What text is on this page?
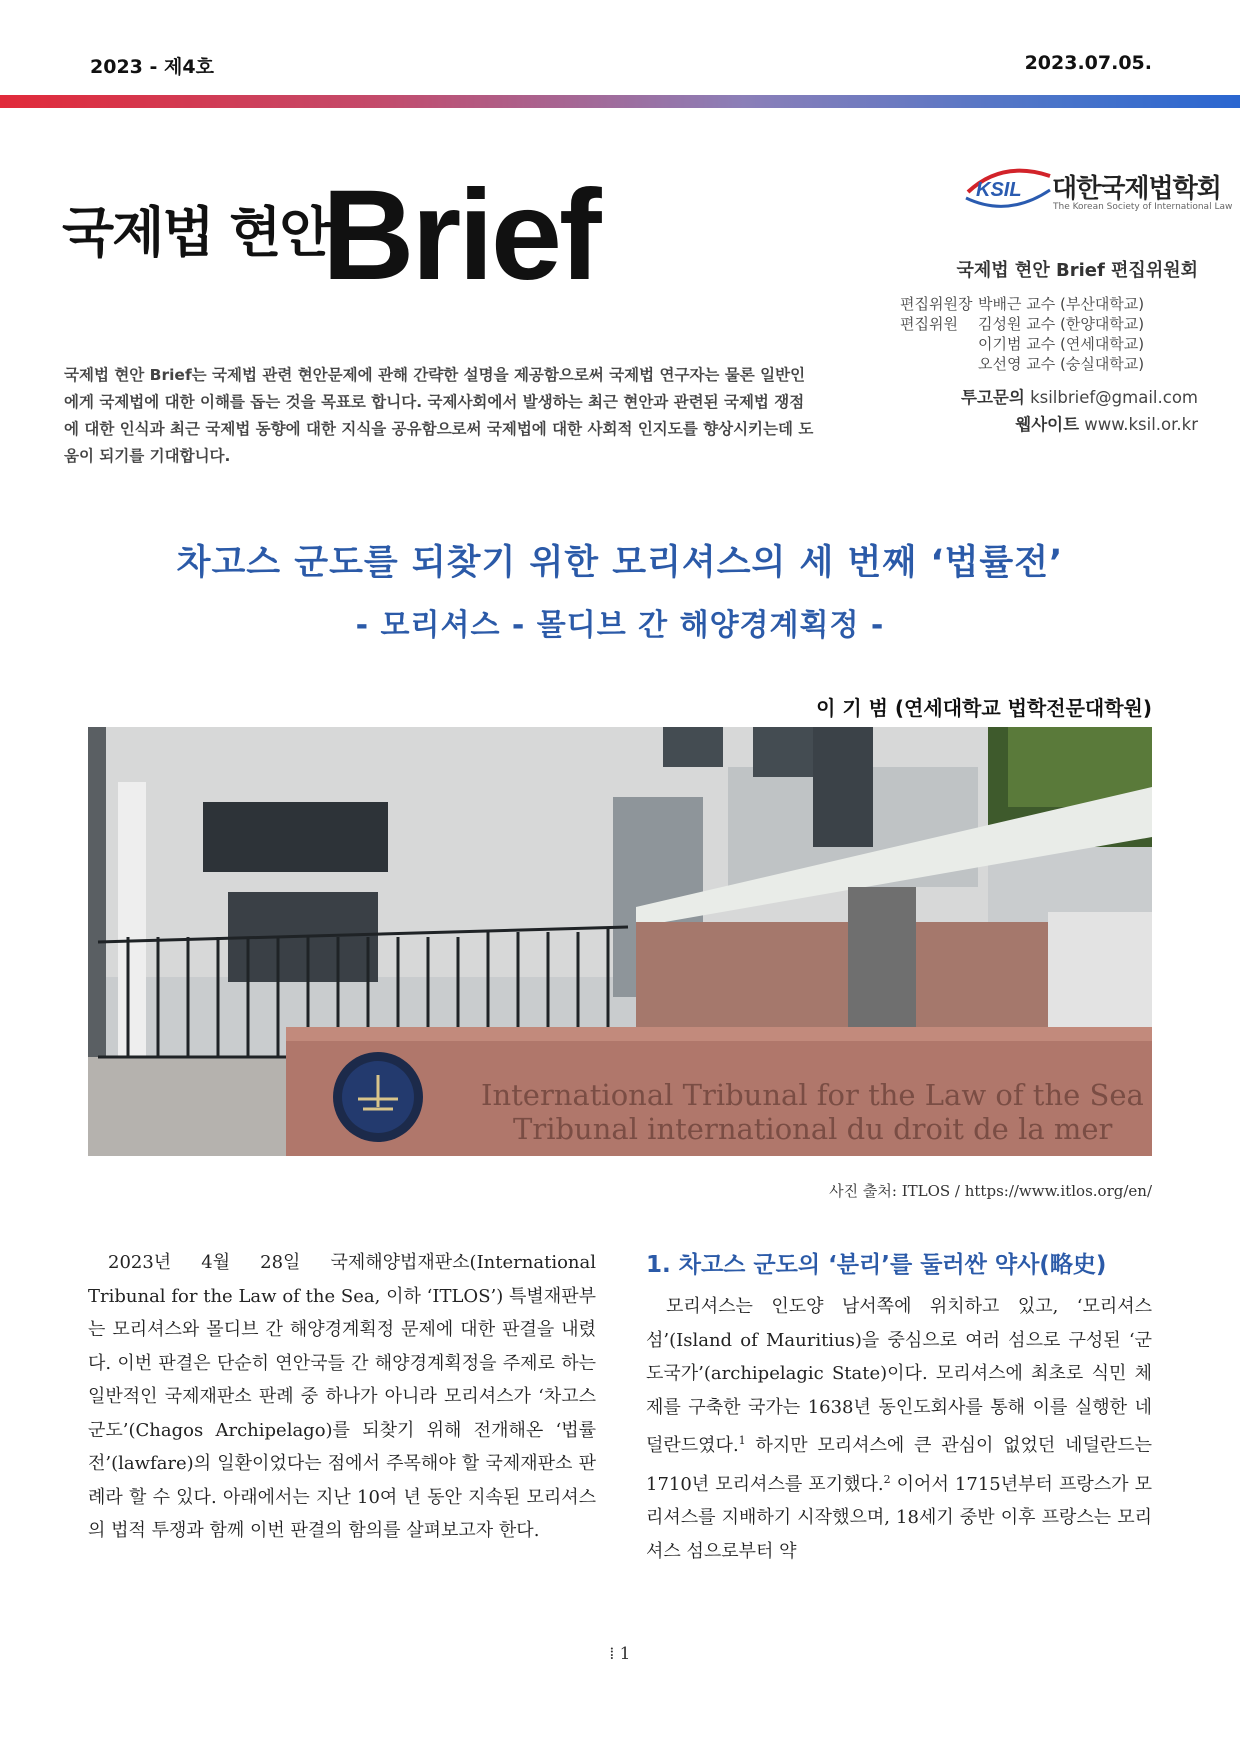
2023 - 제4호	2023.07.05.
국제법 현안
Brief
국제법 현안 Brief는 국제법 관련 현안문제에 관해 간략한 설명을 제공함으로써 국제법 연구자는 물론 일반인에게 국제법에 대한 이해를 돕는 것을 목표로 합니다. 국제사회에서 발생하는 최근 현안과 관련된 국제법 쟁점에 대한 인식과 최근 국제법 동향에 대한 지식을 공유함으로써 국제법에 대한 사회적 인지도를 향상시키는데 도움이 되기를 기대합니다.
KSIL 대한국제법학회
The Korean Society of International Law
국제법 현안 Brief 편집위원회
편집위원장 박배근 교수 (부산대학교)
편집위원	김성원 교수 (한양대학교)
이기범 교수 (연세대학교)
오선영 교수 (숭실대학교)
투고문의 ksilbrief@gmail.com
웹사이트 www.ksil.or.kr
차고스 군도를 되찾기 위한 모리셔스의 세 번째 ‘법률전’
- 모리셔스 - 몰디브 간 해양경계획정 -
이 기 범 (연세대학교 법학전문대학원)
International Tribunal for the Law of the Sea
Tribunal international du droit de la mer
사진 출처: ITLOS / https://www.itlos.org/en/
2023년 4월 28일 국제해양법재판소(International Tribunal for the Law of the Sea, 이하 ‘ITLOS’) 특별재판부는 모리셔스와 몰디브 간 해양경계획정 문제에 대한 판결을 내렸다. 이번 판결은 단순히 연안국들 간 해양경계획정을 주제로 하는 일반적인 국제재판소 판례 중 하나가 아니라 모리셔스가 ‘차고스 군도’(Chagos Archipelago)를 되찾기 위해 전개해온 ‘법률전’(lawfare)의 일환이었다는 점에서 주목해야 할 국제재판소 판례라 할 수 있다. 아래에서는 지난 10여 년 동안 지속된 모리셔스의 법적 투쟁과 함께 이번 판결의 함의를 살펴보고자 한다.
1. 차고스 군도의 ‘분리’를 둘러싼 약사(略史)
모리셔스는 인도양 남서쪽에 위치하고 있고, ‘모리셔스 섬’(Island of Mauritius)을 중심으로 여러 섬으로 구성된 ‘군도국가’(archipelagic State)이다. 모리셔스에 최초로 식민 체제를 구축한 국가는 1638년 동인도회사를 통해 이를 실행한 네덜란드였다.$^1$ 하지만 모리셔스에 큰 관심이 없었던 네덜란드는 1710년 모리셔스를 포기했다.$^2$ 이어서 1715년부터 프랑스가 모리셔스를 지배하기 시작했으며, 18세기 중반 이후 프랑스는 모리셔스 섬으로부터 약
⁞ 1
